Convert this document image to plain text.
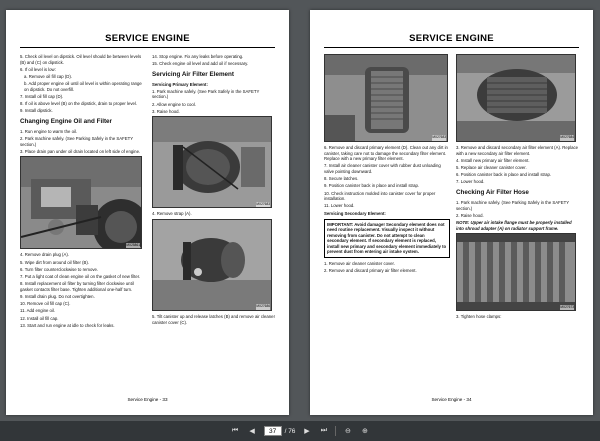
SERVICE ENGINE

5. Check oil level on dipstick. Oil level should be between levels (B) and (C) on dipstick.

6. If oil level is low:

a. Remove oil fill cap (D).

b. Add proper engine oil until oil level is within operating range on dipstick. Do not overfill.

7. Install oil fill cap (D).

8. If oil is above level (B) on the dipstick, drain to proper level.

9. Install dipstick.

Changing Engine Oil and Filter

1. Run engine to warm the oil.

2. Park machine safely. (See Parking Safely in the SAFETY section.)

3. Place drain pan under oil drain located on left side of engine.

MX25861

4. Remove drain plug (A).

5. Wipe dirt from around oil filter (B).

6. Turn filter counterclockwise to remove.

7. Put a light coat of clean engine oil on the gasket of new filter.

8. Install replacement oil filter by turning filter clockwise until gasket contacts filter base. Tighten additional one-half turn.

9. Install drain plug. Do not overtighten.

10. Remove oil fill cap (C).

11. Add engine oil.

12. Install oil fill cap.

13. Start and run engine at idle to check for leaks.

14. Stop engine. Fix any leaks before operating.

15. Check engine oil level and add oil if necessary.

Servicing Air Filter Element
Servicing Primary Element:

1. Park machine safely. (See Park Safely in the SAFETY section.)

2. Allow engine to cool.

3. Raise hood.

MX27683

4. Remove strap (A).

MX27686

5. Tilt canister up and release latches (B) and remove air cleaner canister cover (C).

Service Engine - 33
SERVICE ENGINE
MX27683

6. Remove and discard primary element (D). Clean out any dirt in canister, taking care not to damage the secondary filter element. Replace with a new primary filter element.

7. Install air cleaner canister cover with rubber dust unloading valve pointing downward.

8. Secure latches.

9. Position canister back in place and install strap.

10. Check instruction molded into canister cover for proper installation.

11. Lower hood.

Servicing Secondary Element:
IMPORTANT: Avoid damage! Secondary element does not need routine replacement. Visually inspect it without removing from canister. Do not attempt to clean secondary element. If secondary element is replaced, install new primary and secondary element immediately to prevent dust from entering air intake system.

1. Remove air cleaner canister cover.

2. Remove and discard primary air filter element.

MX27684

3. Remove and discard secondary air filter element (A). Replace with a new secondary air filter element.

4. Install new primary air filter element.

5. Replace air cleaner canister cover.

6. Position canister back in place and install strap.

7. Lower hood.

Checking Air Filter Hose

1. Park machine safely. (See Parking Safely in the SAFETY section.)

2. Raise hood.

NOTE: Upper air intake flange must be properly installed into shroud adapter (A) on radiator support frame.

MX27673

3. Tighten hose clamps:

Service Engine - 34
⏮	◀
37	/ 76	▶	⏭	⊖	⊕
